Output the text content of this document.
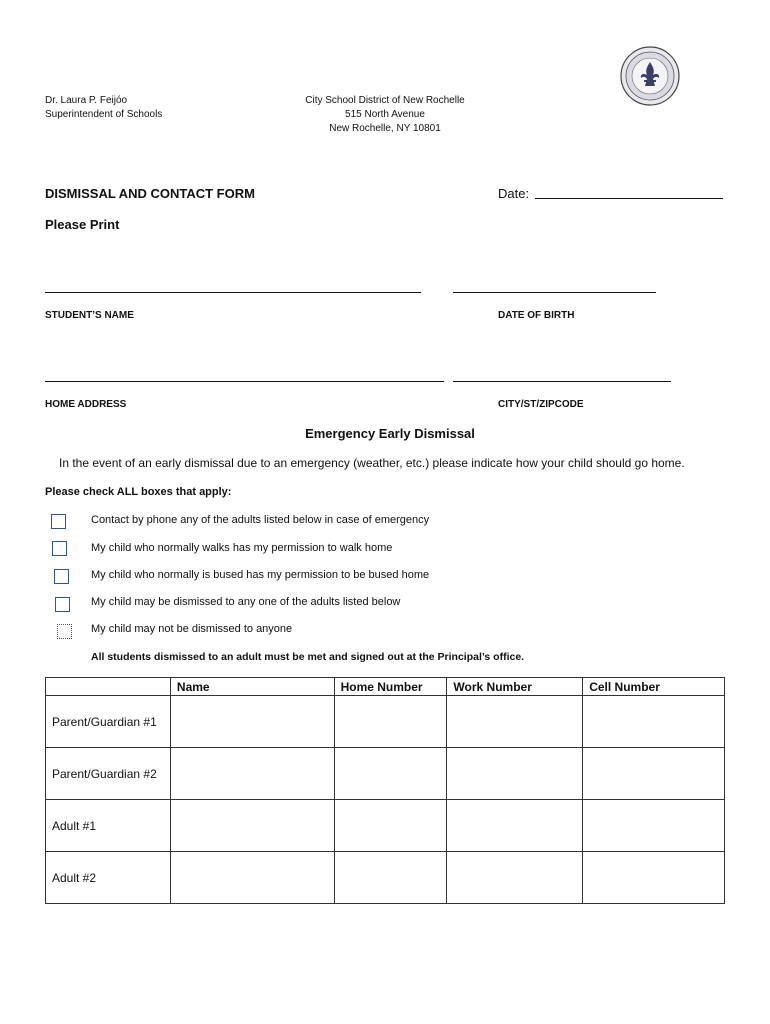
Dr. Laura P. Feijóo
Superintendent of Schools
City School District of New Rochelle
515 North Avenue
New Rochelle, NY 10801
DISMISSAL AND CONTACT FORM	Date:
Please Print
STUDENT’S NAME	DATE OF BIRTH
HOME ADDRESS	CITY/ST/ZIPCODE
Emergency Early Dismissal
In the event of an early dismissal due to an emergency (weather, etc.) please indicate how your child should go home.
Please check ALL boxes that apply:
Contact by phone any of the adults listed below in case of emergency
My child who normally walks has my permission to walk home
My child who normally is bused has my permission to be bused home
My child may be dismissed to any one of the adults listed below
My child may not be dismissed to anyone
All students dismissed to an adult must be met and signed out at the Principal’s office.
	Name	Home Number	Work Number	Cell Number
Parent/Guardian #1				
Parent/Guardian #2				
Adult #1				
Adult #2				
